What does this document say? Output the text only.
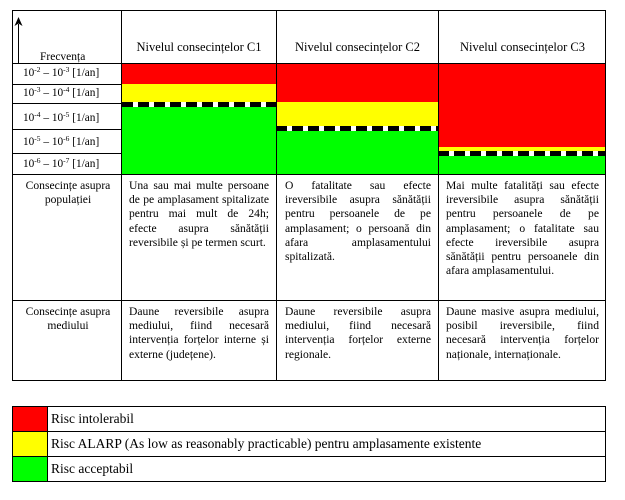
Frecvența
Nivelul consecințelor C1	Nivelul consecințelor C2	Nivelul consecințelor C3
$10^{-2} - 10^{-3}$ [1/an]
$10^{-3} - 10^{-4}$ [1/an]
$10^{-4} - 10^{-5}$ [1/an]
$10^{-5} - 10^{-6}$ [1/an]
$10^{-6} - 10^{-7}$ [1/an]
Consecințe asupra populației
Una sau mai multe persoane de pe amplasament spitalizate pentru mai mult de 24h; efecte asupra sănătății reversibile și pe termen scurt.
O fatalitate sau efecte ireversibile asupra sănătății pentru persoanele de pe amplasament; o persoană din afara amplasamentului spitalizată.
Mai multe fatalități sau efecte ireversibile asupra sănătății pentru persoanele de pe amplasament; o fatalitate sau efecte ireversibile asupra sănătății pentru persoanele din afara amplasamentului.
Consecințe asupra mediului
Daune reversibile asupra mediului, fiind necesară intervenția forțelor interne și externe (județene).
Daune reversibile asupra mediului, fiind necesară intervenția forțelor externe regionale.
Daune masive asupra mediului, posibil ireversibile, fiind necesară intervenția forțelor naționale, internaționale.
Risc intolerabil
Risc ALARP (As low as reasonably practicable) pentru amplasamente existente
Risc acceptabil
